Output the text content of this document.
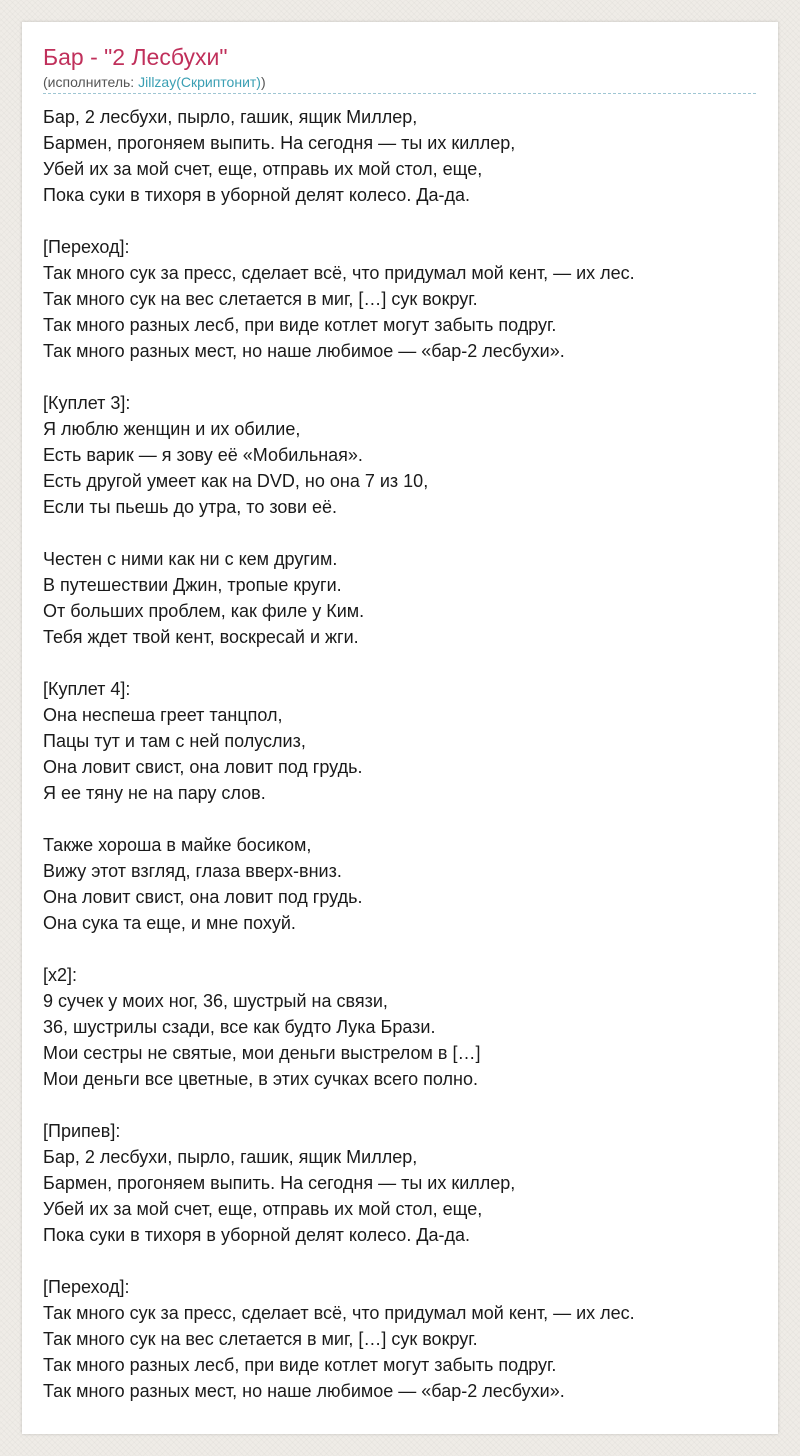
Бар - "2 Лесбухи"
(исполнитель: Jillzay(Скриптонит))
Бар, 2 лесбухи, пырло, гашик, ящик Миллер,
Бармен, прогоняем выпить. На сегодня — ты их киллер,
Убей их за мой счет, еще, отправь их мой стол, еще,
Пока суки в тихоря в уборной делят колесо. Да-да.
[Переход]:
Так много сук за пресс, сделает всё, что придумал мой кент, — их лес.
Так много сук на вес слетается в миг, […] сук вокруг.
Так много разных лесб, при виде котлет могут забыть подруг.
Так много разных мест, но наше любимое — «бар-2 лесбухи».
[Куплет 3]:
Я люблю женщин и их обилие,
Есть варик — я зову её «Мобильная».
Есть другой умеет как на DVD, но она 7 из 10,
Если ты пьешь до утра, то зови её.
Честен с ними как ни с кем другим.
В путешествии Джин, тропые круги.
От больших проблем, как филе у Ким.
Тебя ждет твой кент, воскресай и жги.
[Куплет 4]:
Она неспеша греет танцпол,
Пацы тут и там с ней полуслиз,
Она ловит свист, она ловит под грудь.
Я ее тяну не на пару слов.
Также хороша в майке босиком,
Вижу этот взгляд, глаза вверх-вниз.
Она ловит свист, она ловит под грудь.
Она сука та еще, и мне похуй.
[x2]:
9 сучек у моих ног, 36, шустрый на связи,
36, шустрилы сзади, все как будто Лука Брази.
Мои сестры не святые, мои деньги выстрелом в […]
Мои деньги все цветные, в этих сучках всего полно.
[Припев]:
Бар, 2 лесбухи, пырло, гашик, ящик Миллер,
Бармен, прогоняем выпить. На сегодня — ты их киллер,
Убей их за мой счет, еще, отправь их мой стол, еще,
Пока суки в тихоря в уборной делят колесо. Да-да.
[Переход]:
Так много сук за пресс, сделает всё, что придумал мой кент, — их лес.
Так много сук на вес слетается в миг, […] сук вокруг.
Так много разных лесб, при виде котлет могут забыть подруг.
Так много разных мест, но наше любимое — «бар-2 лесбухи».
